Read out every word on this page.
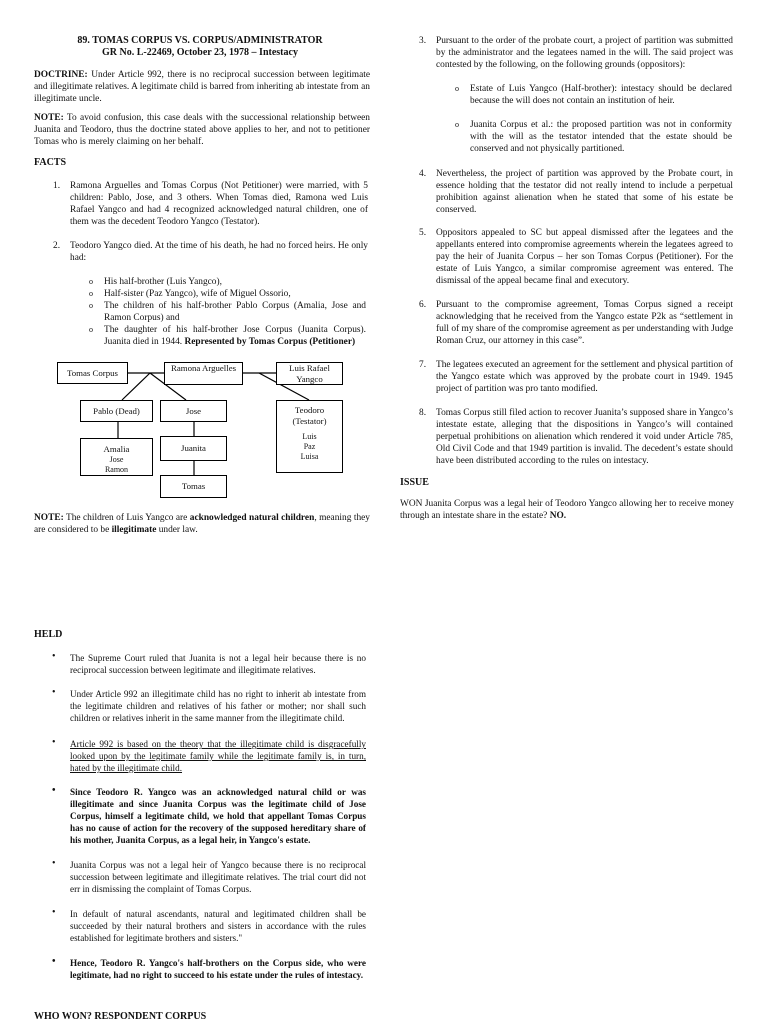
89. TOMAS CORPUS VS. CORPUS/ADMINISTRATOR
GR No. L-22469, October 23, 1978 – Intestacy
DOCTRINE: Under Article 992, there is no reciprocal succession between legitimate and illegitimate relatives. A legitimate child is barred from inheriting ab intestate from an illegitimate uncle.
NOTE: To avoid confusion, this case deals with the successional relationship between Juanita and Teodoro, thus the doctrine stated above applies to her, and not to petitioner Tomas who is merely claiming on her behalf.
FACTS
1. Ramona Arguelles and Tomas Corpus (Not Petitioner) were married, with 5 children: Pablo, Jose, and 3 others. When Tomas died, Ramona wed Luis Rafael Yangco and had 4 recognized acknowledged natural children, one of them was the decedent Teodoro Yangco (Testator).
2. Teodoro Yangco died. At the time of his death, he had no forced heirs. He only had:
o His half-brother (Luis Yangco),
o Half-sister (Paz Yangco), wife of Miguel Ossorio,
o The children of his half-brother Pablo Corpus (Amalia, Jose and Ramon Corpus) and
o The daughter of his half-brother Jose Corpus (Juanita Corpus). Juanita died in 1944. Represented by Tomas Corpus (Petitioner)
Tomas Corpus	Ramona Arguelles	Luis Rafael Yangco
Pablo (Dead)	Jose	Teodoro (Testator)
Luis Paz Luisa
Amalia
Jose Ramon
Juanita
Tomas
NOTE: The children of Luis Yangco are acknowledged natural children, meaning they are considered to be illegitimate under law.
3. Pursuant to the order of the probate court, a project of partition was submitted by the administrator and the legatees named in the will. The said project was contested by the following, on the following grounds (oppositors):
o Estate of Luis Yangco (Half-brother): intestacy should be declared because the will does not contain an institution of heir.
o Juanita Corpus et al.: the proposed partition was not in conformity with the will as the testator intended that the estate should be conserved and not physically partitioned.
4. Nevertheless, the project of partition was approved by the Probate court, in essence holding that the testator did not really intend to include a perpetual prohibition against alienation when he stated that some of his estate be conserved.
5. Oppositors appealed to SC but appeal dismissed after the legatees and the appellants entered into compromise agreements wherein the legatees agreed to pay the heir of Juanita Corpus – her son Tomas Corpus (Petitioner). For the estate of Luis Yangco, a similar compromise agreement was entered. The dismissal of the appeal became final and executory.
6. Pursuant to the compromise agreement, Tomas Corpus signed a receipt acknowledging that he received from the Yangco estate P2k as “settlement in full of my share of the compromise agreement as per understanding with Judge Roman Cruz, our attorney in this case”.
7. The legatees executed an agreement for the settlement and physical partition of the Yangco estate which was approved by the probate court in 1949. 1945 project of partition was pro tanto modified.
8. Tomas Corpus still filed action to recover Juanita’s supposed share in Yangco’s intestate estate, alleging that the dispositions in Yangco’s will contained perpetual prohibitions on alienation which rendered it void under Article 785, Old Civil Code and that 1949 partition is invalid. The decedent’s estate should have been distributed according to the rules on intestacy.
ISSUE
WON Juanita Corpus was a legal heir of Teodoro Yangco allowing her to receive money through an intestate share in the estate? NO.
HELD
• The Supreme Court ruled that Juanita is not a legal heir because there is no reciprocal succession between legitimate and illegitimate relatives.
• Under Article 992 an illegitimate child has no right to inherit ab intestate from the legitimate children and relatives of his father or mother; nor shall such children or relatives inherit in the same manner from the illegitimate child.
• Article 992 is based on the theory that the illegitimate child is disgracefully looked upon by the legitimate family while the legitimate family is, in turn, hated by the illegitimate child.
• Since Teodoro R. Yangco was an acknowledged natural child or was illegitimate and since Juanita Corpus was the legitimate child of Jose Corpus, himself a legitimate child, we hold that appellant Tomas Corpus has no cause of action for the recovery of the supposed hereditary share of his mother, Juanita Corpus, as a legal heir, in Yangco's estate.
• Juanita Corpus was not a legal heir of Yangco because there is no reciprocal succession between legitimate and illegitimate relatives. The trial court did not err in dismissing the complaint of Tomas Corpus.
• In default of natural ascendants, natural and legitimated children shall be succeeded by their natural brothers and sisters in accordance with the rules established for legitimate brothers and sisters."
• Hence, Teodoro R. Yangco's half-brothers on the Corpus side, who were legitimate, had no right to succeed to his estate under the rules of intestacy.
WHO WON? RESPONDENT CORPUS
